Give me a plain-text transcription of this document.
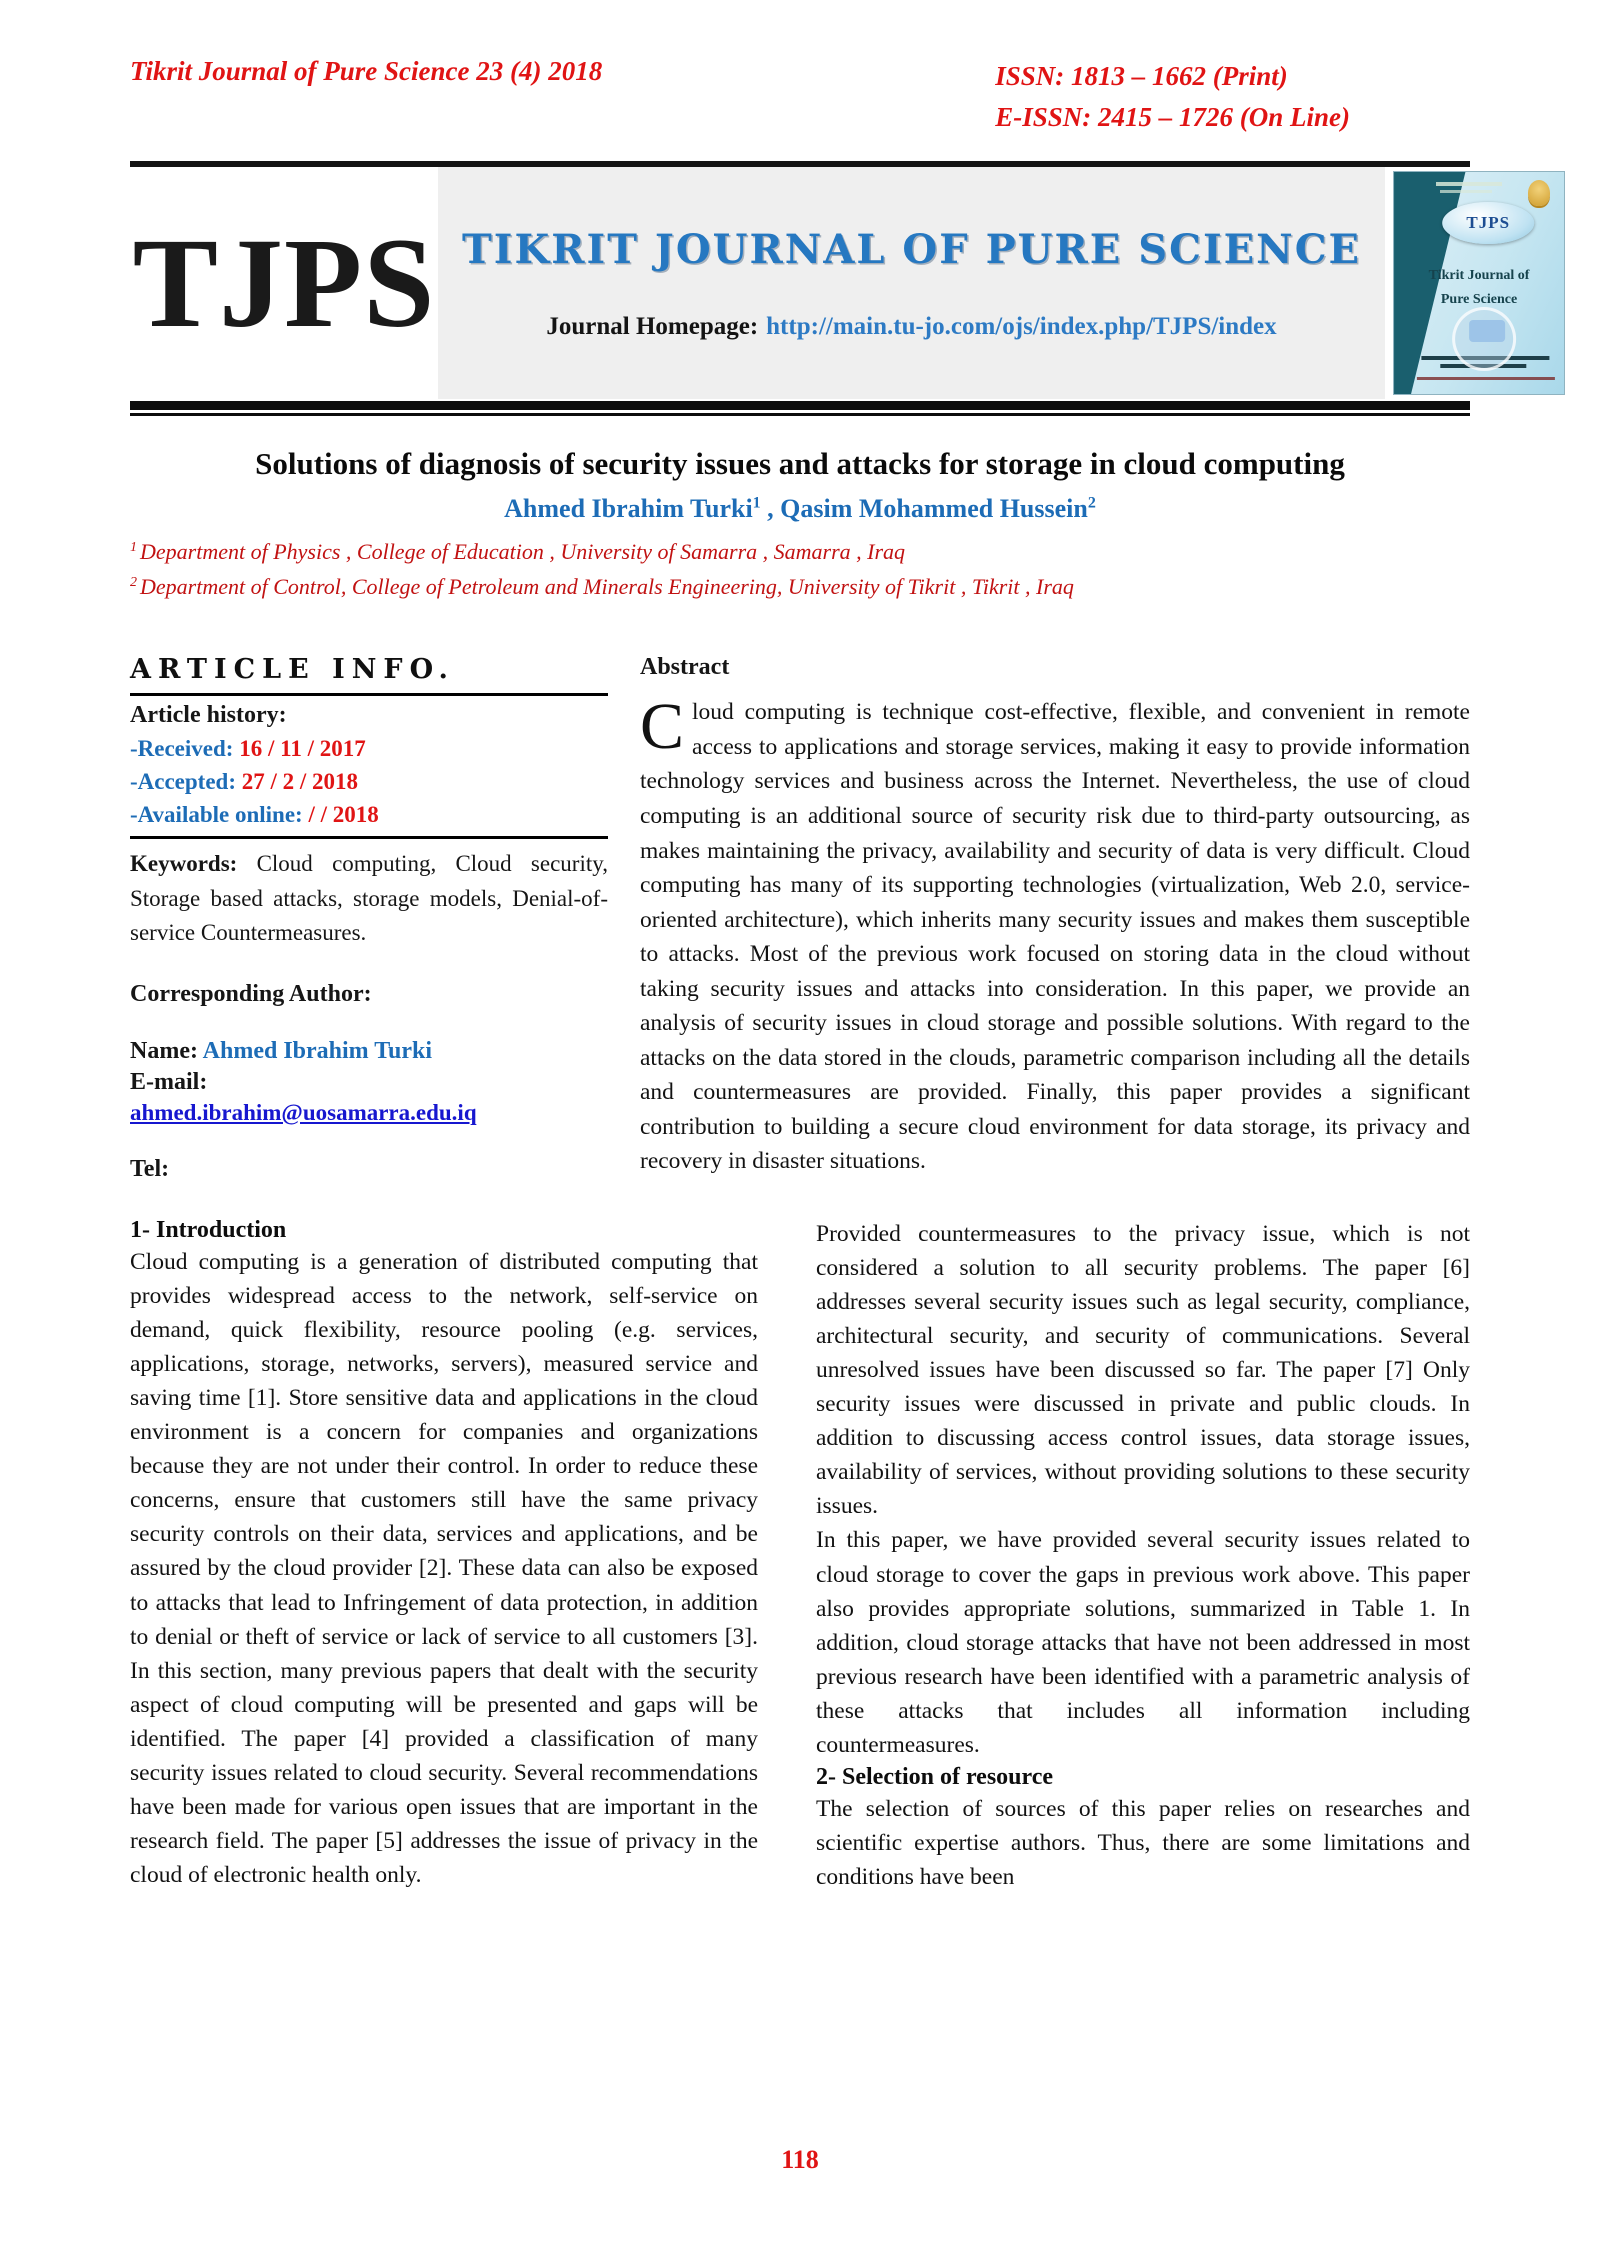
Tikrit Journal of Pure Science 23 (4) 2018	ISSN: 1813 – 1662 (Print)
E-ISSN: 2415 – 1726 (On Line)
TJPS TIKRIT JOURNAL OF PURE SCIENCE
Journal Homepage: http://main.tu-jo.com/ojs/index.php/TJPS/index
TJPS
Tikrit Journal of
Pure Science
Solutions of diagnosis of security issues and attacks for storage in cloud computing
Ahmed Ibrahim Turki$^1$ , Qasim Mohammed Hussein$^2$
$^1$ Department of Physics , College of Education , University of Samarra , Samarra , Iraq
$^2$ Department of Control, College of Petroleum and Minerals Engineering, University of Tikrit , Tikrit , Iraq
ARTICLE INFO.
Article history:
-Received: 16 / 11 / 2017
-Accepted: 27 / 2 / 2018
-Available online: / / 2018
Keywords: Cloud computing, Cloud security, Storage based attacks, storage models, Denial-of-service Countermeasures.
Corresponding Author:
Name: Ahmed Ibrahim Turki
E-mail:
ahmed.ibrahim@uosamarra.edu.iq
Tel:
Abstract
Cloud computing is technique cost-effective, flexible, and convenient in remote access to applications and storage services, making it easy to provide information technology services and business across the Internet. Nevertheless, the use of cloud computing is an additional source of security risk due to third-party outsourcing, as makes maintaining the privacy, availability and security of data is very difficult. Cloud computing has many of its supporting technologies (virtualization, Web 2.0, service-oriented architecture), which inherits many security issues and makes them susceptible to attacks. Most of the previous work focused on storing data in the cloud without taking security issues and attacks into consideration. In this paper, we provide an analysis of security issues in cloud storage and possible solutions. With regard to the attacks on the data stored in the clouds, parametric comparison including all the details and countermeasures are provided. Finally, this paper provides a significant contribution to building a secure cloud environment for data storage, its privacy and recovery in disaster situations.
1- Introduction
Cloud computing is a generation of distributed computing that provides widespread access to the network, self-service on demand, quick flexibility, resource pooling (e.g. services, applications, storage, networks, servers), measured service and saving time [1]. Store sensitive data and applications in the cloud environment is a concern for companies and organizations because they are not under their control. In order to reduce these concerns, ensure that customers still have the same privacy security controls on their data, services and applications, and be assured by the cloud provider [2]. These data can also be exposed to attacks that lead to Infringement of data protection, in addition to denial or theft of service or lack of service to all customers [3]. In this section, many previous papers that dealt with the security aspect of cloud computing will be presented and gaps will be identified. The paper [4] provided a classification of many security issues related to cloud security. Several recommendations have been made for various open issues that are important in the research field. The paper [5] addresses the issue of privacy in the cloud of electronic health only.
Provided countermeasures to the privacy issue, which is not considered a solution to all security problems. The paper [6] addresses several security issues such as legal security, compliance, architectural security, and security of communications. Several unresolved issues have been discussed so far. The paper [7] Only security issues were discussed in private and public clouds. In addition to discussing access control issues, data storage issues, availability of services, without providing solutions to these security issues.
In this paper, we have provided several security issues related to cloud storage to cover the gaps in previous work above. This paper also provides appropriate solutions, summarized in Table 1. In addition, cloud storage attacks that have not been addressed in most previous research have been identified with a parametric analysis of these attacks that includes all information including countermeasures.
2- Selection of resource
The selection of sources of this paper relies on researches and scientific expertise authors. Thus, there are some limitations and conditions have been
118
